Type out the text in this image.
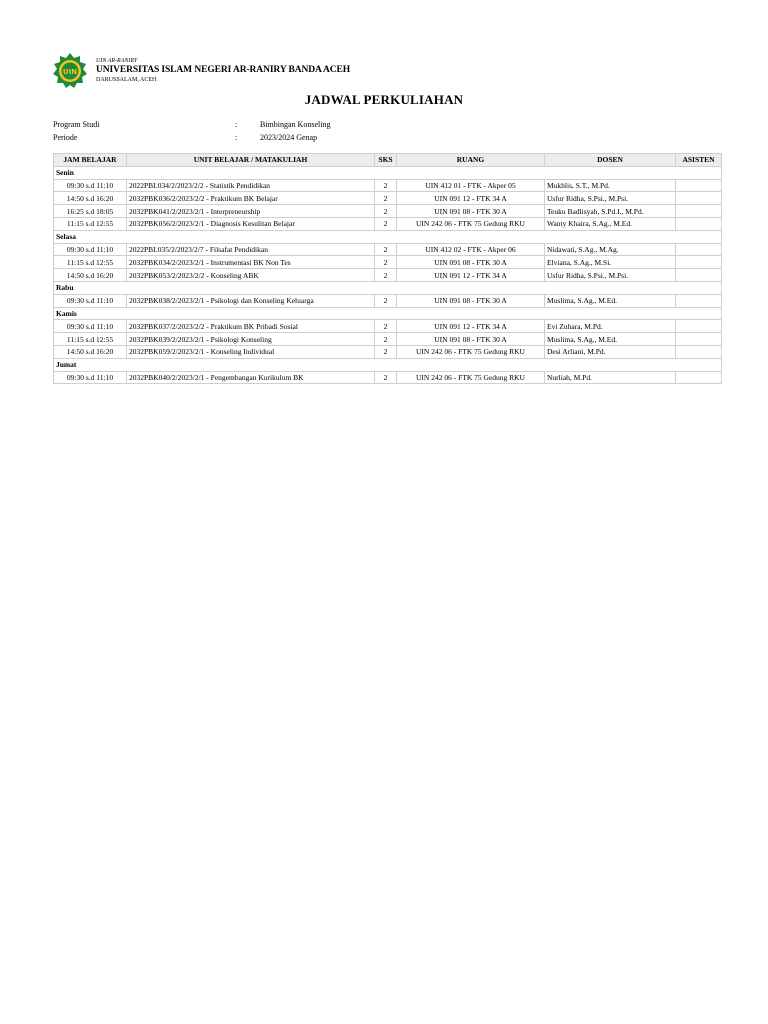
UIN
UIN AR-RANIRY
UNIVERSITAS ISLAM NEGERI AR-RANIRY BANDA ACEH
DARUSSALAM, ACEH
JADWAL PERKULIAHAN
Program Studi	:	Bimbingan Konseling
Periode	:	2023/2024 Genap
JAM BELAJAR	UNIT BELAJAR / MATAKULIAH	SKS	RUANG	DOSEN	ASISTEN
Senin					
09:30 s.d 11:10	2022PBL034/2/2023/2/2 - Statistik Pendidikan	2	UIN 412 01 - FTK - Akper 05	Mukhlis, S.T., M.Pd.	
14:50 s.d 16:20	2032PBK036/2/2023/2/2 - Praktikum BK Belajar	2	UIN 091 12 - FTK 34 A	Usfur Ridha, S.Psi., M.Psi.	
16:25 s.d 18:05	2032PBK041/2/2023/2/1 - Interpreneurship	2	UIN 091 08 - FTK 30 A	Teuku Badlisyah, S.Pd.I., M.Pd.	
11:15 s.d 12:55	2032PBK056/2/2023/2/1 - Diagnosis Kesulitan Belajar	2	UIN 242 06 - FTK 75 Gedung RKU	Wanty Khaira, S.Ag., M.Ed.	
Selasa					
09:30 s.d 11:10	2022PBL035/2/2023/2/7 - Filsafat Pendidikan	2	UIN 412 02 - FTK - Akper 06	Nidawati, S.Ag., M.Ag.	
11:15 s.d 12:55	2032PBK034/2/2023/2/1 - Instrumentasi BK Non Tes	2	UIN 091 08 - FTK 30 A	Elviana, S.Ag., M.Si.	
14:50 s.d 16:20	2032PBK053/2/2023/2/2 - Konseling ABK	2	UIN 091 12 - FTK 34 A	Usfur Ridha, S.Psi., M.Psi.	
Rabu					
09:30 s.d 11:10	2032PBK038/2/2023/2/1 - Psikologi dan Konseling Keluarga	2	UIN 091 08 - FTK 30 A	Muslima, S.Ag., M.Ed.	
Kamis					
09:30 s.d 11:10	2032PBK037/2/2023/2/2 - Praktikum BK Pribadi Sosial	2	UIN 091 12 - FTK 34 A	Evi Zuhara, M.Pd.	
11:15 s.d 12:55	2032PBK039/2/2023/2/1 - Psikologi Konseling	2	UIN 091 08 - FTK 30 A	Muslima, S.Ag., M.Ed.	
14:50 s.d 16:20	2032PBK059/2/2023/2/1 - Konseling Individual	2	UIN 242 06 - FTK 75 Gedung RKU	Desi Arliani, M.Pd.	
Jumat					
09:30 s.d 11:10	2032PBK040/2/2023/2/1 - Pengembangan Kurikulum BK	2	UIN 242 06 - FTK 75 Gedung RKU	Nurliah, M.Pd.	
